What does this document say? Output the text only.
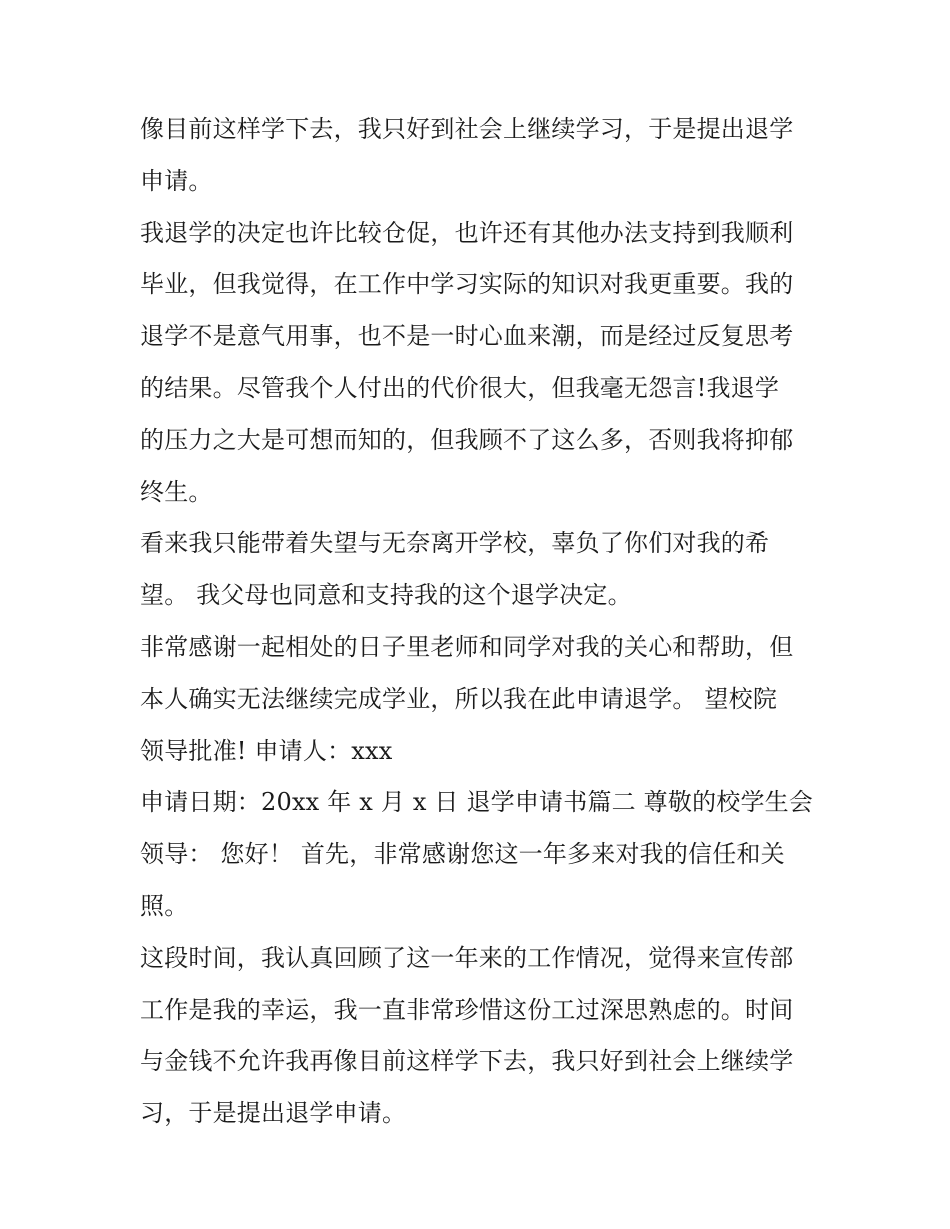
像目前这样学下去，我只好到社会上继续学习，于是提出退学
申请。
我退学的决定也许比较仓促，也许还有其他办法支持到我顺利
毕业，但我觉得，在工作中学习实际的知识对我更重要。我的
退学不是意气用事，也不是一时心血来潮，而是经过反复思考
的结果。尽管我个人付出的代价很大，但我毫无怨言!我退学
的压力之大是可想而知的，但我顾不了这么多，否则我将抑郁
终生。
看来我只能带着失望与无奈离开学校，辜负了你们对我的希
望。 我父母也同意和支持我的这个退学决定。
非常感谢一起相处的日子里老师和同学对我的关心和帮助，但
本人确实无法继续完成学业，所以我在此申请退学。 望校院
领导批准! 申请人：xxx
申请日期：20xx 年 x 月 x 日 退学申请书篇二 尊敬的校学生会
领导： 您好！ 首先，非常感谢您这一年多来对我的信任和关
照。
这段时间，我认真回顾了这一年来的工作情况，觉得来宣传部
工作是我的幸运，我一直非常珍惜这份工过深思熟虑的。时间
与金钱不允许我再像目前这样学下去，我只好到社会上继续学
习，于是提出退学申请。
